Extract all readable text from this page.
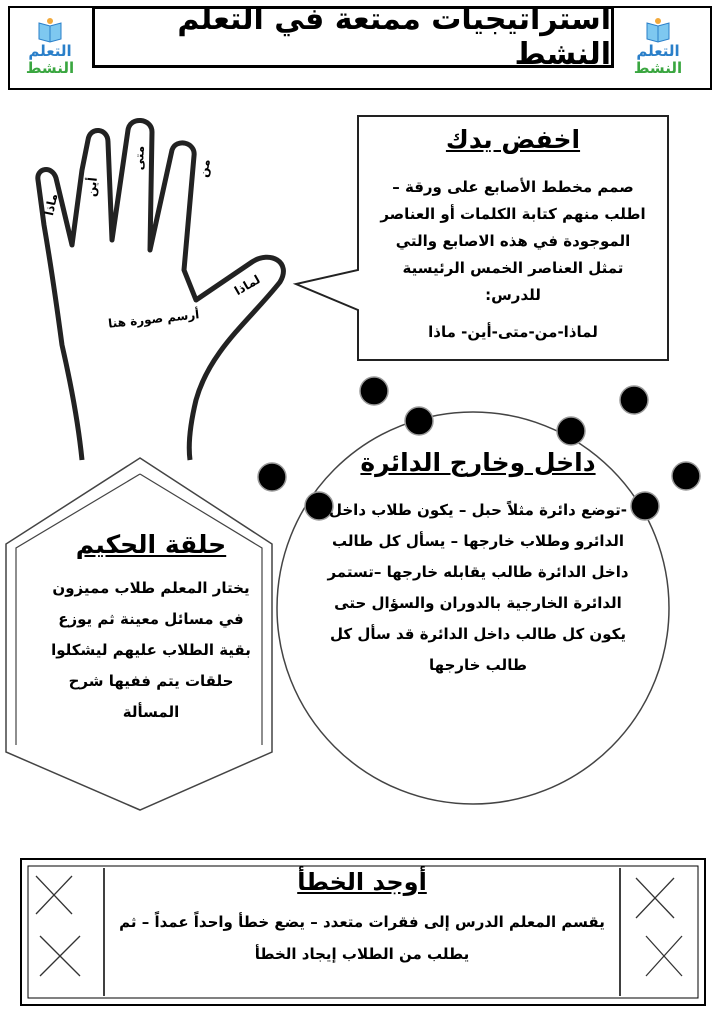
التعلم
النشط
استراتيجيات ممتعة في التعلم النشط التعلم
النشط
ماذا
أين
متى	من
لماذا
أرسم صورة هنا
اخفض يدك
صمم مخطط الأصابع على ورقة –اطلب منهم كتابة الكلمات أو العناصر الموجودة في هذه الاصابع والتي تمثل العناصر الخمس الرئيسية للدرس:
لماذا-من-متى-أين- ماذا
داخل وخارج الدائرة
-توضع دائرة مثلاً حبل – يكون طلاب داخل الدائرو وطلاب خارجها – يسأل كل طالب داخل الدائرة طالب يقابله خارجها –تستمر الدائرة الخارجية بالدوران والسؤال حتى يكون كل طالب داخل الدائرة قد سأل كل طالب خارجها
حلقة الحكيم
يختار المعلم طلاب مميزون في مسائل معينة ثم يوزع بقية الطلاب عليهم ليشكلوا حلقات يتم ففيها شرح المسألة
أوجد الخطأ
يقسم المعلم الدرس إلى فقرات متعدد – يضع خطأ واحداً عمداً – ثم يطلب من الطلاب إيجاد الخطأ
